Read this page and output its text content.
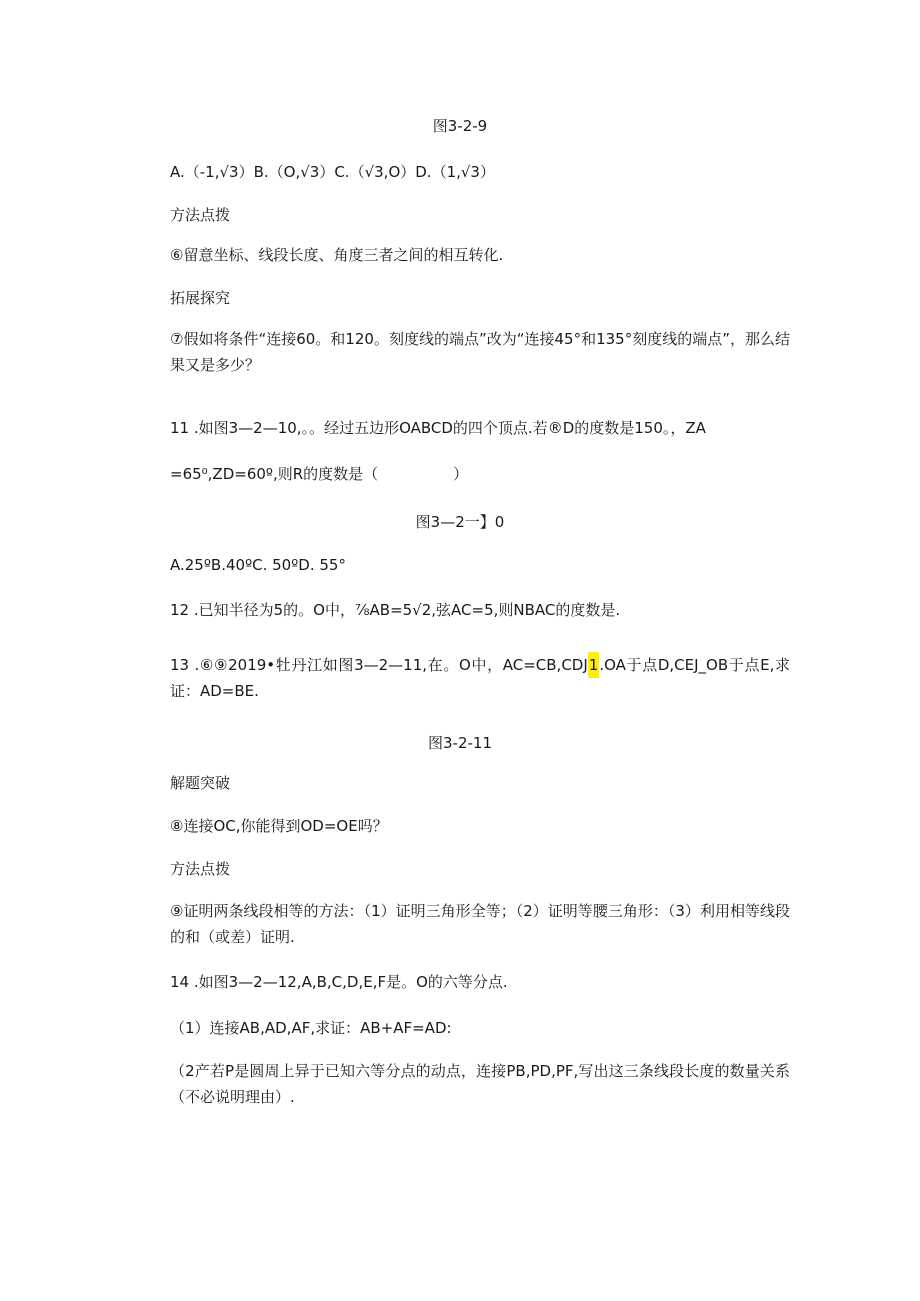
图3-2-9
A.（-1,√3）B.（O,√3）C.（√3,O）D.（1,√3）
方法点拨
⑥留意坐标、线段长度、角度三者之间的相互转化.
拓展探究
⑦假如将条件“连接60。和120。刻度线的端点”改为“连接45°和135°刻度线的端点”，那么结果又是多少？
11 .如图3—2—10,。。经过五边形OABCD的四个顶点.若®D的度数是150。，ZA
=65⁰,ZD=60º,则R的度数是（　　　　　）
图3—2一】0
A.25ºB.40ºC. 50ºD. 55°
12 .已知半径为5的。O中，⅞AB=5√2,弦AC=5,则NBAC的度数是.
13 .⑥⑨2019•牡丹江如图3—2—11,在。O中，AC=CB,CDJ1.OA于点D,CEJ_OB于点E,求证：AD=BE.
图3-2-11
解题突破
⑧连接OC,你能得到OD=OE吗？
方法点拨
⑨证明两条线段相等的方法：（1）证明三角形全等；（2）证明等腰三角形：（3）利用相等线段的和（或差）证明.
14 .如图3—2—12,A,B,C,D,E,F是。O的六等分点.
（1）连接AB,AD,AF,求证：AB+AF=AD:
（2产若P是圆周上异于已知六等分点的动点，连接PB,PD,PF,写出这三条线段长度的数量关系（不必说明理由）.
